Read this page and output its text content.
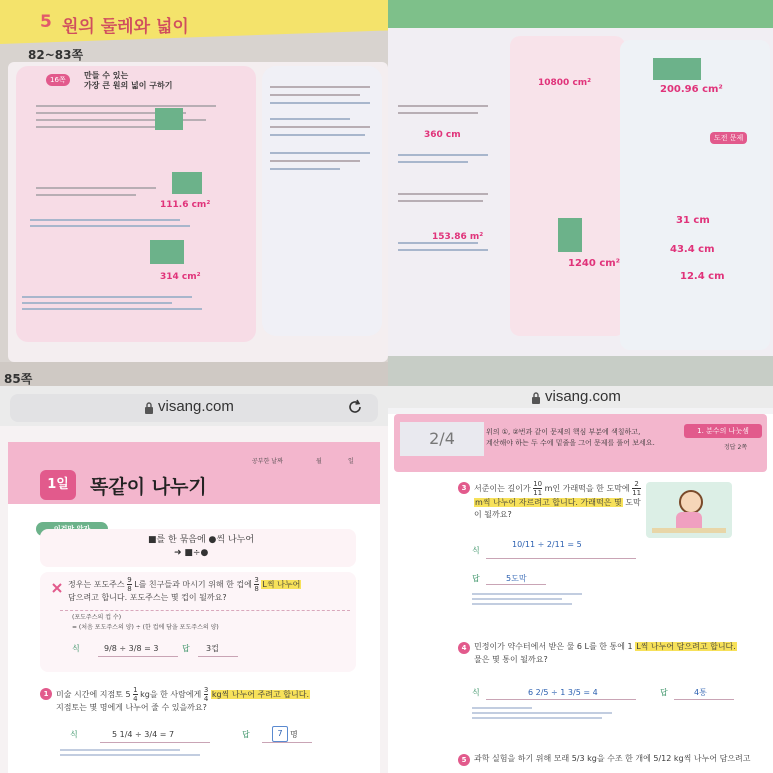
5 원의 둘레와 넓이
82~83쪽
16쪽	만들 수 있는
가장 큰 원의 넓이 구하기
111.6 cm²
314 cm²
85쪽
360 cm
153.86 m²
10800 cm²
1240 cm²
200.96 cm²
도전 문제
31 cm
43.4 cm
12.4 cm
visang.com
1일	똑같이 나누기
공부한 날짜	월	일
■를 한 묶음에 ●씩 나누어
➜ ■÷●
정우는 포도주스 $\frac{9}{8}$ L를 친구들과 마시기 위해 한 컵에 $\frac{3}{8}$ L씩 나누어
담으려고 합니다. 포도주스는 몇 컵이 될까요?
(포도주스의 컵 수)
= (처음 포도주스의 양) ÷ (한 컵에 담을 포도주스의 양)
식	9/8 ÷ 3/8 = 3	답 3컵
1 미술 시간에 지점토 $5 \frac{1}{4}$ kg을 한 사람에게 $\frac{3}{4}$ kg씩 나누어 주려고 합니다.
지점토는 몇 명에게 나누어 줄 수 있을까요?
식	5 1/4 ÷ 3/4 = 7	답	7 명
visang.com
2/4	위의 ①, ②번과 같이 문제의 핵심 부분에 색칠하고,
계산해야 하는 두 수에 밑줄을 그어 문제를 풀어 보세요.
1. 분수의 나눗셈
정답 2쪽
3 서준이는 길이가 $\frac{10}{11}$ m인 가래떡을 한 도막에 $\frac{2}{11}$
m씩 나누어 자르려고 합니다. 가래떡은 몇 도막이 될까요?
식
10/11 ÷ 2/11 = 5
답	5도막
4 민정이가 약수터에서 받은 물 6 L를 한 통에 1 L씩 나누어 담으려고 합니다.
물은 몇 통이 될까요?
식	6 2/5 ÷ 1 3/5 = 4	답	4통
5 과학 실험을 하기 위해 모래 5/3 kg을 수조 한 개에 5/12 kg씩 나누어 담으려고
